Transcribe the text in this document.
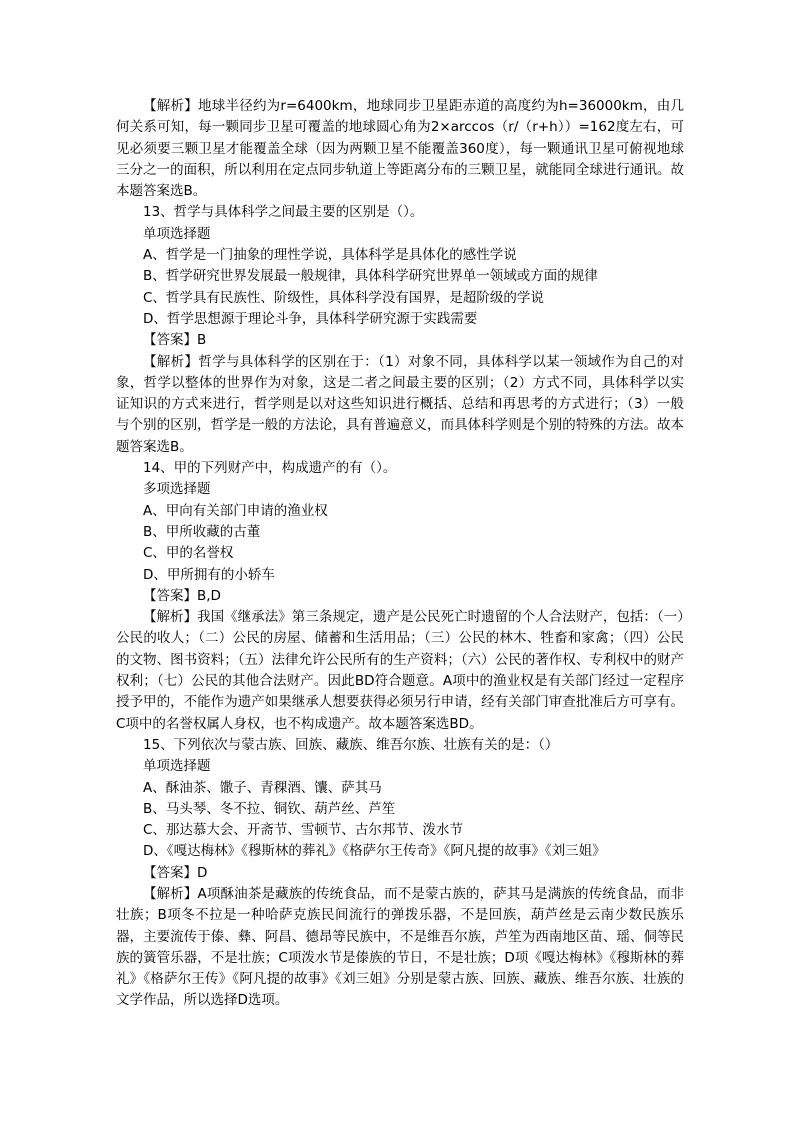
【解析】地球半径约为r=6400km，地球同步卫星距赤道的高度约为h=36000km，由几何关系可知，每一颗同步卫星可覆盖的地球圆心角为2×arccos（r/（r+h））=162度左右，可见必须要三颗卫星才能覆盖全球（因为两颗卫星不能覆盖360度），每一颗通讯卫星可俯视地球三分之一的面积，所以利用在定点同步轨道上等距离分布的三颗卫星，就能同全球进行通讯。故本题答案选B。

13、哲学与具体科学之间最主要的区别是（）。

单项选择题

A、哲学是一门抽象的理性学说，具体科学是具体化的感性学说

B、哲学研究世界发展最一般规律，具体科学研究世界单一领域或方面的规律

C、哲学具有民族性、阶级性，具体科学没有国界，是超阶级的学说

D、哲学思想源于理论斗争，具体科学研究源于实践需要

【答案】B

【解析】哲学与具体科学的区别在于：（1）对象不同，具体科学以某一领域作为自己的对象，哲学以整体的世界作为对象，这是二者之间最主要的区别；（2）方式不同，具体科学以实证知识的方式来进行，哲学则是以对这些知识进行概括、总结和再思考的方式进行；（3）一般与个别的区别，哲学是一般的方法论，具有普遍意义，而具体科学则是个别的特殊的方法。故本题答案选B。

14、甲的下列财产中，构成遗产的有（）。

多项选择题

A、甲向有关部门申请的渔业权

B、甲所收藏的古董

C、甲的名誉权

D、甲所拥有的小轿车

【答案】B,D

【解析】我国《继承法》第三条规定，遗产是公民死亡时遗留的个人合法财产，包括：（一）公民的收人；（二）公民的房屋、储蓄和生活用品；（三）公民的林木、牲畜和家禽；（四）公民的文物、图书资料；（五）法律允许公民所有的生产资料；（六）公民的著作权、专利权中的财产权利；（七）公民的其他合法财产。因此BD符合题意。A项中的渔业权是有关部门经过一定程序授予甲的，不能作为遗产如果继承人想要获得必须另行申请，经有关部门审查批准后方可享有。C项中的名誉权属人身权，也不构成遗产。故本题答案选BD。

15、下列依次与蒙古族、回族、藏族、维吾尔族、壮族有关的是：（）

单项选择题

A、酥油茶、馓子、青稞酒、馕、萨其马

B、马头琴、冬不拉、铜钦、葫芦丝、芦笙

C、那达慕大会、开斋节、雪顿节、古尔邦节、泼水节

D、《嘎达梅林》《穆斯林的葬礼》《格萨尔王传奇》《阿凡提的故事》《刘三姐》

【答案】D

【解析】A项酥油茶是藏族的传统食品，而不是蒙古族的，萨其马是满族的传统食品，而非壮族；B项冬不拉是一种哈萨克族民间流行的弹拨乐器，不是回族，葫芦丝是云南少数民族乐器，主要流传于傣、彝、阿昌、德昂等民族中，不是维吾尔族，芦笙为西南地区苗、瑶、侗等民族的簧管乐器，不是壮族；C项泼水节是傣族的节日，不是壮族；D项《嘎达梅林》《穆斯林的葬礼》《格萨尔王传》《阿凡提的故事》《刘三姐》分别是蒙古族、回族、藏族、维吾尔族、壮族的文学作品，所以选择D选项。
